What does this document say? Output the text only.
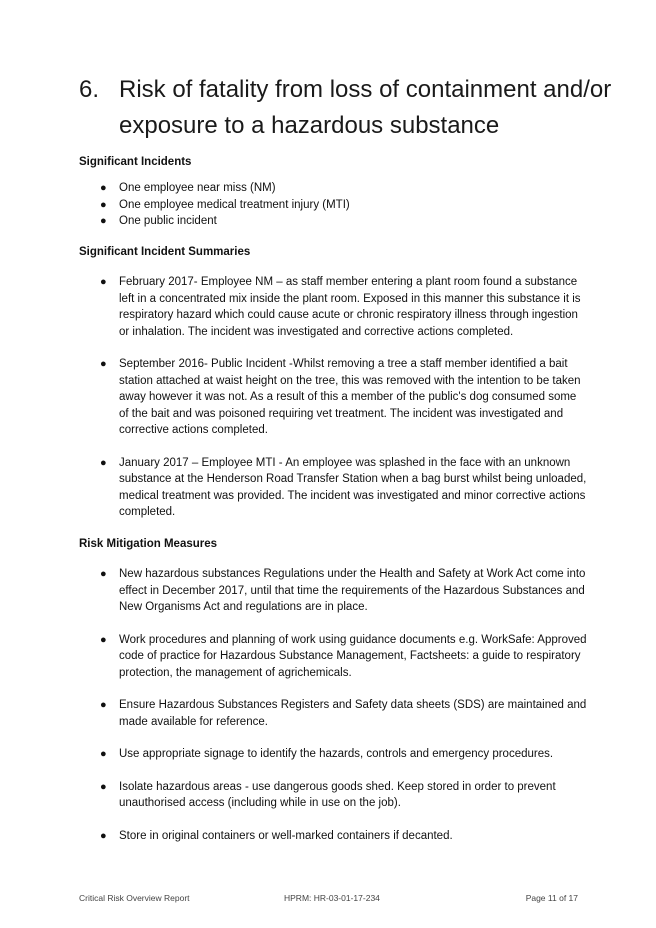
6. Risk of fatality from loss of containment and/or
exposure to a hazardous substance
Significant Incidents
● One employee near miss (NM)
● One employee medical treatment injury (MTI)
● One public incident
Significant Incident Summaries
● February 2017- Employee NM – as staff member entering a plant room found a substance left in a concentrated mix inside the plant room. Exposed in this manner this substance it is respiratory hazard which could cause acute or chronic respiratory illness through ingestion or inhalation. The incident was investigated and corrective actions completed.
● September 2016- Public Incident -Whilst removing a tree a staff member identified a bait station attached at waist height on the tree, this was removed with the intention to be taken away however it was not. As a result of this a member of the public's dog consumed some of the bait and was poisoned requiring vet treatment. The incident was investigated and corrective actions completed.
● January 2017 – Employee MTI - An employee was splashed in the face with an unknown substance at the Henderson Road Transfer Station when a bag burst whilst being unloaded, medical treatment was provided. The incident was investigated and minor corrective actions completed.
Risk Mitigation Measures
● New hazardous substances Regulations under the Health and Safety at Work Act come into effect in December 2017, until that time the requirements of the Hazardous Substances and New Organisms Act and regulations are in place.
● Work procedures and planning of work using guidance documents e.g. WorkSafe: Approved code of practice for Hazardous Substance Management, Factsheets: a guide to respiratory protection, the management of agrichemicals.
● Ensure Hazardous Substances Registers and Safety data sheets (SDS) are maintained and made available for reference.
● Use appropriate signage to identify the hazards, controls and emergency procedures.
● Isolate hazardous areas - use dangerous goods shed. Keep stored in order to prevent unauthorised access (including while in use on the job).
● Store in original containers or well-marked containers if decanted.
Critical Risk Overview Report	HPRM: HR-03-01-17-234	Page 11 of 17
